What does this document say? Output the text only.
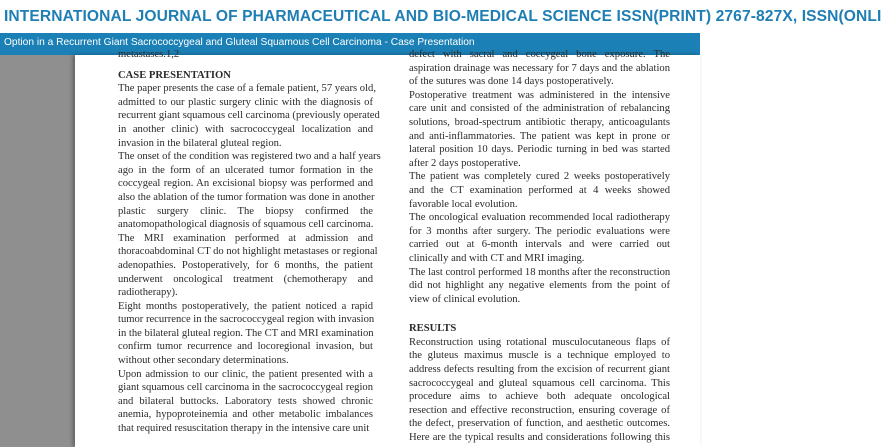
INTERNATIONAL JOURNAL OF PHARMACEUTICAL AND BIO-MEDICAL SCIENCE ISSN(PRINT) 2767-827X, ISSN(ONLI
Option in a Recurrent Giant Sacrococcygeal and Gluteal Squamous Cell Carcinoma - Case Presentation
metastases.1,2
CASE PRESENTATION
The paper presents the case of a female patient, 57 years old,
admitted to our plastic surgery clinic with the diagnosis of
recurrent giant squamous cell carcinoma (previously operated
in another clinic) with sacrococcygeal localization and
invasion in the bilateral gluteal region.
The onset of the condition was registered two and a half years
ago in the form of an ulcerated tumor formation in the
coccygeal region. An excisional biopsy was performed and
also the ablation of the tumor formation was done in another
plastic surgery clinic. The biopsy confirmed the
anatomopathological diagnosis of squamous cell carcinoma.
The MRI examination performed at admission and
thoracoabdominal CT do not highlight metastases or regional
adenopathies. Postoperatively, for 6 months, the patient
underwent oncological treatment (chemotherapy and
radiotherapy).
Eight months postoperatively, the patient noticed a rapid
tumor recurrence in the sacrococcygeal region with invasion
in the bilateral gluteal region. The CT and MRI examination
confirm tumor recurrence and locoregional invasion, but
without other secondary determinations.
Upon admission to our clinic, the patient presented with a
giant squamous cell carcinoma in the sacrococcygeal region
and bilateral buttocks. Laboratory tests showed chronic
anemia, hypoproteinemia and other metabolic imbalances
that required resuscitation therapy in the intensive care unit
defect with sacral and coccygeal bone exposure. The
aspiration drainage was necessary for 7 days and the ablation
of the sutures was done 14 days postoperatively.
Postoperative treatment was administered in the intensive
care unit and consisted of the administration of rebalancing
solutions, broad-spectrum antibiotic therapy, anticoagulants
and anti-inflammatories. The patient was kept in prone or
lateral position 10 days. Periodic turning in bed was started
after 2 days postoperative.
The patient was completely cured 2 weeks postoperatively
and the CT examination performed at 4 weeks showed
favorable local evolution.
The oncological evaluation recommended local radiotherapy
for 3 months after surgery. The periodic evaluations were
carried out at 6-month intervals and were carried out
clinically and with CT and MRI imaging.
The last control performed 18 months after the reconstruction
did not highlight any negative elements from the point of
view of clinical evolution.
RESULTS
Reconstruction using rotational musculocutaneous flaps of
the gluteus maximus muscle is a technique employed to
address defects resulting from the excision of recurrent giant
sacrococcygeal and gluteal squamous cell carcinoma. This
procedure aims to achieve both adequate oncological
resection and effective reconstruction, ensuring coverage of
the defect, preservation of function, and aesthetic outcomes.
Here are the typical results and considerations following this
